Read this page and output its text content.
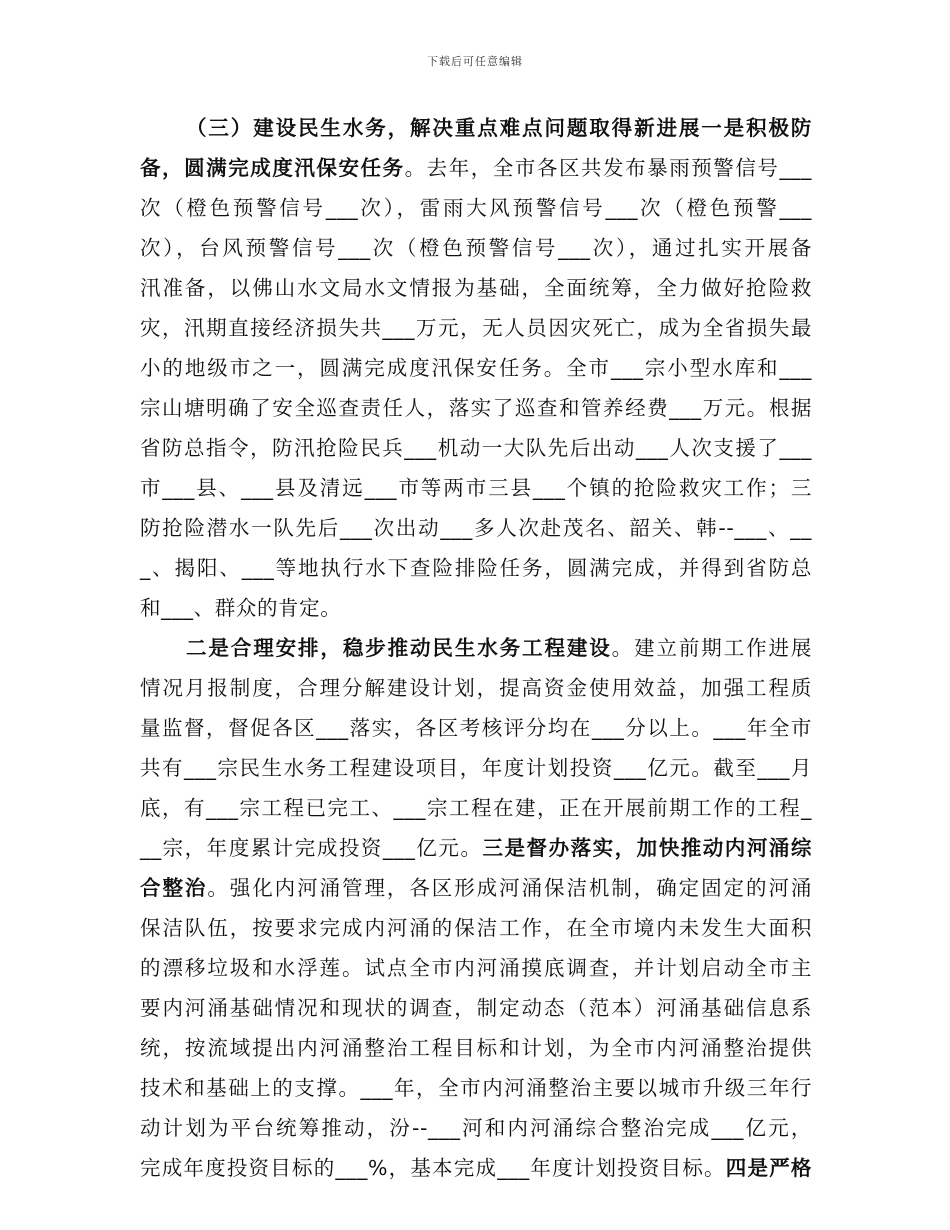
下载后可任意编辑
（三）建设民生水务，解决重点难点问题取得新进展一是积极防
备，圆满完成度汛保安任务。去年，全市各区共发布暴雨预警信号___
次（橙色预警信号___次），雷雨大风预警信号___次（橙色预警___
次），台风预警信号___次（橙色预警信号___次），通过扎实开展备
汛准备，以佛山水文局水文情报为基础，全面统筹，全力做好抢险救
灾，汛期直接经济损失共___万元，无人员因灾死亡，成为全省损失最
小的地级市之一，圆满完成度汛保安任务。全市___宗小型水库和___
宗山塘明确了安全巡查责任人，落实了巡查和管养经费___万元。根据
省防总指令，防汛抢险民兵___机动一大队先后出动___人次支援了___
市___县、___县及清远___市等两市三县___个镇的抢险救灾工作；三
防抢险潜水一队先后___次出动___多人次赴茂名、韶关、韩--___、__
_、揭阳、___等地执行水下查险排险任务，圆满完成，并得到省防总
和___、群众的肯定。
二是合理安排，稳步推动民生水务工程建设。建立前期工作进展
情况月报制度，合理分解建设计划，提高资金使用效益，加强工程质
量监督，督促各区___落实，各区考核评分均在___分以上。___年全市
共有___宗民生水务工程建设项目，年度计划投资___亿元。截至___月
底，有___宗工程已完工、___宗工程在建，正在开展前期工作的工程_
__宗，年度累计完成投资___亿元。三是督办落实，加快推动内河涌综
合整治。强化内河涌管理，各区形成河涌保洁机制，确定固定的河涌
保洁队伍，按要求完成内河涌的保洁工作，在全市境内未发生大面积
的漂移垃圾和水浮莲。试点全市内河涌摸底调查，并计划启动全市主
要内河涌基础情况和现状的调查，制定动态（范本）河涌基础信息系
统，按流域提出内河涌整治工程目标和计划，为全市内河涌整治提供
技术和基础上的支撑。___年，全市内河涌整治主要以城市升级三年行
动计划为平台统筹推动，汾--___河和内河涌综合整治完成___亿元，
完成年度投资目标的___%，基本完成___年度计划投资目标。四是严格
